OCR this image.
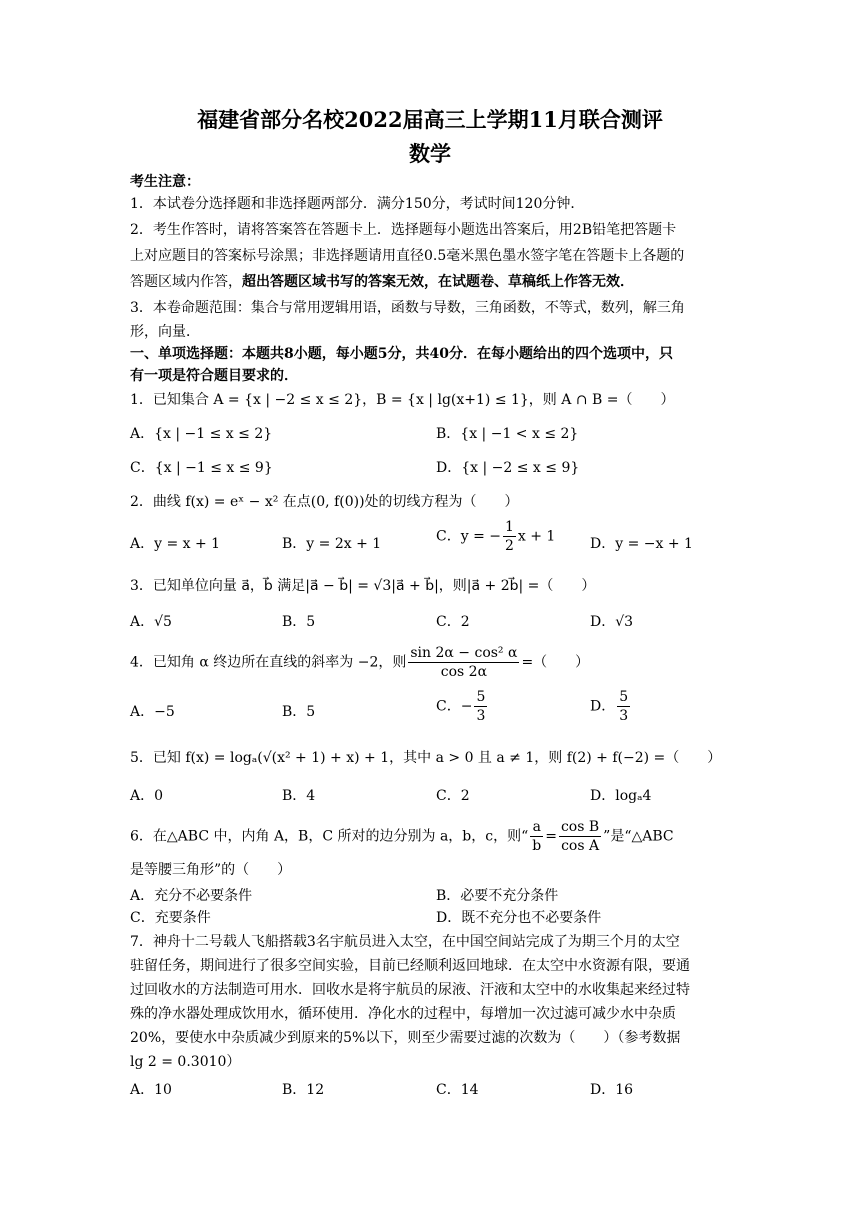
福建省部分名校2022届高三上学期11月联合测评
数学
考生注意：
1．本试卷分选择题和非选择题两部分．满分150分，考试时间120分钟．
2．考生作答时，请将答案答在答题卡上．选择题每小题选出答案后，用2B铅笔把答题卡
上对应题目的答案标号涂黑；非选择题请用直径0.5毫米黑色墨水签字笔在答题卡上各题的
答题区域内作答，超出答题区域书写的答案无效，在试题卷、草稿纸上作答无效．
3．本卷命题范围：集合与常用逻辑用语，函数与导数，三角函数，不等式，数列，解三角
形，向量．
一、单项选择题：本题共8小题，每小题5分，共40分．在每小题给出的四个选项中，只
有一项是符合题目要求的．
1．已知集合 A = {x | −2 ≤ x ≤ 2}，B = {x | lg(x+1) ≤ 1}，则 A ∩ B =（　　）
A．{x | −1 ≤ x ≤ 2}	B．{x | −1 < x ≤ 2}
C．{x | −1 ≤ x ≤ 9}	D．{x | −2 ≤ x ≤ 9}
2．曲线 f(x) = eˣ − x² 在点(0, f(0))处的切线方程为（　　）
A．y = x + 1	B．y = 2x + 1	C．y = − $\frac{1}{2}$ x + 1 D．y = −x + 1
3．已知单位向量 a⃗，b⃗ 满足|a⃗ − b⃗| = √3|a⃗ + b⃗|，则|a⃗ + 2b⃗| =（　　）
A．√5	B．5	C．2	D．√3
4．已知角 α 终边所在直线的斜率为 −2，则 $\frac{\text{sin 2α − cos² α}}{\cos 2\alpha}$ =（　　）
A．−5	B．5	C．− $\frac{5}{3}$	D． $\frac{5}{3}$
5．已知 f(x) = logₐ(√(x² + 1) + x) + 1，其中 a > 0 且 a ≠ 1，则 f(2) + f(−2) =（　　）
A．0	B．4	C．2	D．logₐ4
6．在△ABC 中，内角 A，B，C 所对的边分别为 a，b，c，则“ $\frac{a}{b} = \frac{\text{cos B}}{\text{cos A}}$ ”是“△ABC
是等腰三角形”的（　　）
A．充分不必要条件	B．必要不充分条件
C．充要条件	D．既不充分也不必要条件
7．神舟十二号载人飞船搭载3名宇航员进入太空，在中国空间站完成了为期三个月的太空
驻留任务，期间进行了很多空间实验，目前已经顺利返回地球．在太空中水资源有限，要通
过回收水的方法制造可用水．回收水是将宇航员的尿液、汗液和太空中的水收集起来经过特
殊的净水器处理成饮用水，循环使用．净化水的过程中，每增加一次过滤可减少水中杂质
20%，要使水中杂质减少到原来的5%以下，则至少需要过滤的次数为（　　）（参考数据
lg 2 = 0.3010）
A．10	B．12	C．14	D．16
